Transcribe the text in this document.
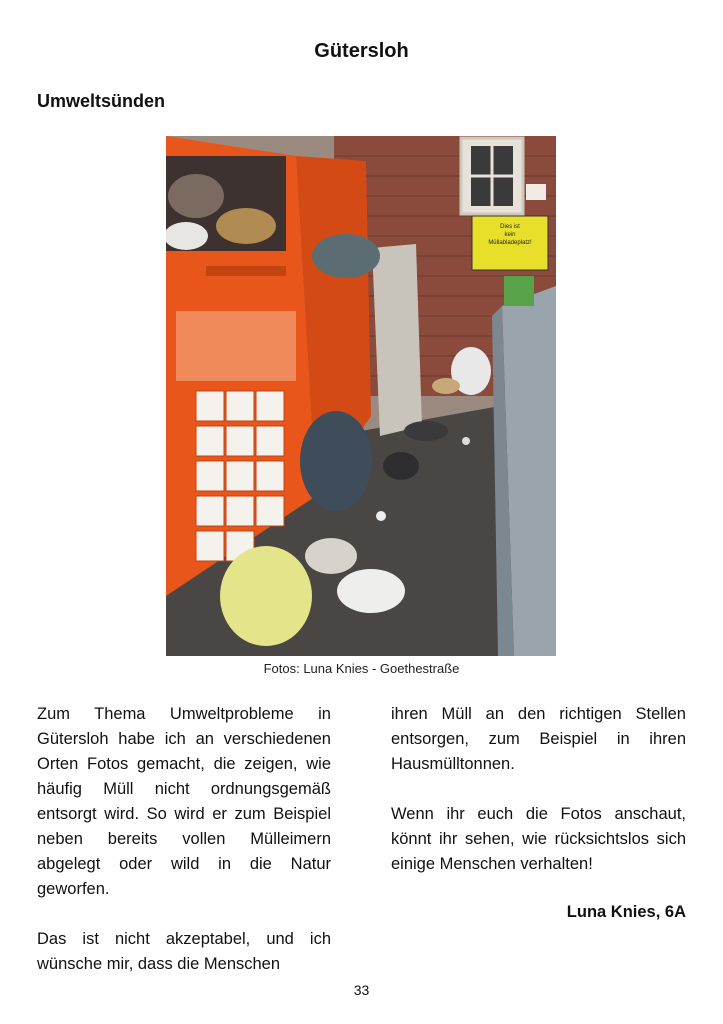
Gütersloh
Umweltsünden
Dies ist
kein
Müllabladeplatz!
Fotos: Luna Knies - Goethestraße

Zum Thema Umweltprobleme in Gütersloh habe ich an verschiedenen Orten Fotos gemacht, die zeigen, wie häufig Müll nicht ordnungsgemäß entsorgt wird. So wird er zum Beispiel neben bereits vollen Mülleimern abgelegt oder wild in die Natur geworfen.

Das ist nicht akzeptabel, und ich wünsche mir, dass die Menschen

ihren Müll an den richtigen Stellen entsorgen, zum Beispiel in ihren Hausmülltonnen.

Wenn ihr euch die Fotos anschaut, könnt ihr sehen, wie rücksichtslos sich einige Menschen verhalten!

Luna Knies, 6A
33
